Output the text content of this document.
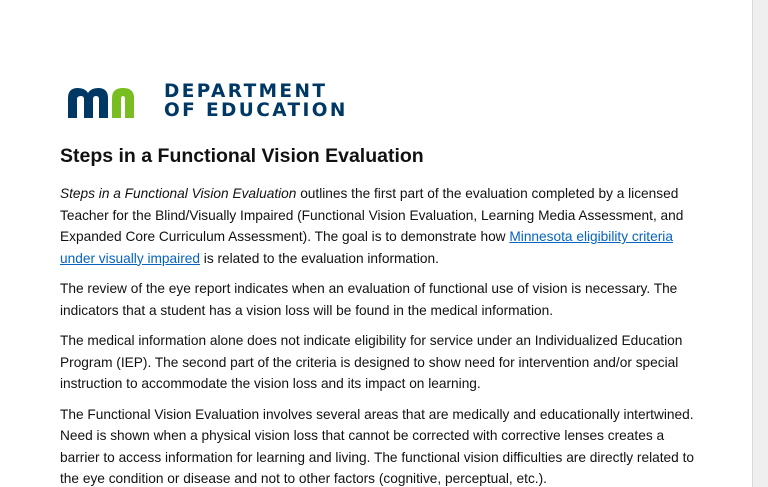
DEPARTMENT
OF EDUCATION
Steps in a Functional Vision Evaluation

Steps in a Functional Vision Evaluation outlines the first part of the evaluation completed by a licensed Teacher for the Blind/Visually Impaired (Functional Vision Evaluation, Learning Media Assessment, and Expanded Core Curriculum Assessment). The goal is to demonstrate how Minnesota eligibility criteria under visually impaired is related to the evaluation information.

The review of the eye report indicates when an evaluation of functional use of vision is necessary. The indicators that a student has a vision loss will be found in the medical information.

The medical information alone does not indicate eligibility for service under an Individualized Education Program (IEP). The second part of the criteria is designed to show need for intervention and/or special instruction to accommodate the vision loss and its impact on learning.

The Functional Vision Evaluation involves several areas that are medically and educationally intertwined. Need is shown when a physical vision loss that cannot be corrected with corrective lenses creates a barrier to access information for learning and living. The functional vision difficulties are directly related to the eye condition or disease and not to other factors (cognitive, perceptual, etc.).
